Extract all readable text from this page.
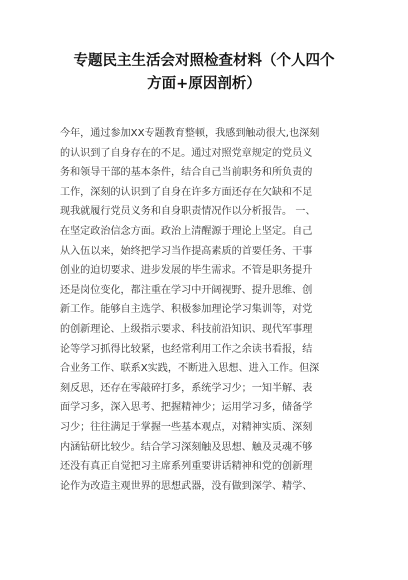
专题民主生活会对照检查材料（个人四个
方面+原因剖析）
今年，通过参加XX专题教育整顿，我感到触动很大,也深刻
的认识到了自身存在的不足。通过对照党章规定的党员义
务和领导干部的基本条件，结合自己当前职务和所负责的
工作，深刻的认识到了自身在许多方面还存在欠缺和不足
现我就履行党员义务和自身职责情况作以分析报告。 一、
在坚定政治信念方面。政治上清醒源于理论上坚定。自己
从入伍以来，始终把学习当作提高素质的首要任务、干事
创业的迫切要求、进步发展的毕生需求。不管是职务提升
还是岗位变化，都注重在学习中开阔视野、提升思维、创
新工作。能够自主选学、积极参加理论学习集训等，对党
的创新理论、上级指示要求、科技前沿知识、现代军事理
论等学习抓得比较紧，也经常利用工作之余读书看报，结
合业务工作、联系X实践，不断进入思想、进入工作。但深
刻反思，还存在零敲碎打多，系统学习少；一知半解、表
面学习多，深入思考、把握精神少；运用学习多，储备学
习少；往往满足于掌握一些基本观点，对精神实质、深刻
内涵钻研比较少。结合学习深刻触及思想、触及灵魂不够
还没有真正自觉把习主席系列重要讲话精神和党的创新理
论作为改造主观世界的思想武器，没有做到深学、精学、
